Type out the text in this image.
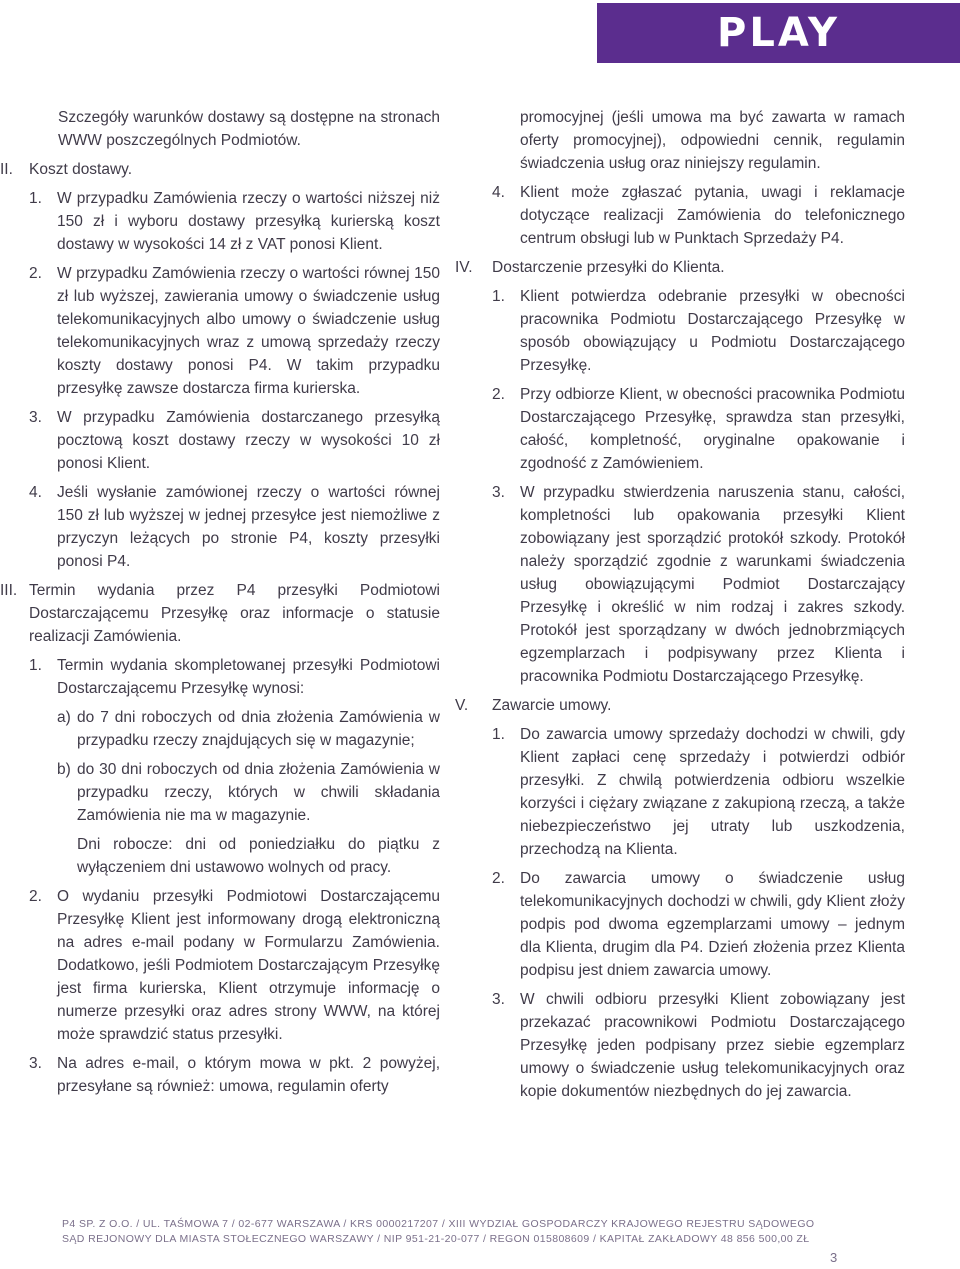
PLAY
Szczegóły warunków dostawy są dostępne na stronach WWW poszczególnych Podmiotów.
II.	Koszt dostawy.
1. W przypadku Zamówienia rzeczy o wartości niższej niż 150 zł i wyboru dostawy przesyłką kurierską koszt dostawy w wysokości 14 zł z VAT ponosi Klient.
2. W przypadku Zamówienia rzeczy o wartości równej 150 zł lub wyższej, zawierania umowy o świadczenie usług telekomunikacyjnych albo umowy o świadczenie usług telekomunikacyjnych wraz z umową sprzedaży rzeczy koszty dostawy ponosi P4. W takim przypadku przesyłkę zawsze dostarcza firma kurierska.
3. W przypadku Zamówienia dostarczanego przesyłką pocztową koszt dostawy rzeczy w wysokości 10 zł ponosi Klient.
4. Jeśli wysłanie zamówionej rzeczy o wartości równej 150 zł lub wyższej w jednej przesyłce jest niemożliwe z przyczyn leżących po stronie P4, koszty przesyłki ponosi P4.
III. Termin wydania przez P4 przesyłki Podmiotowi Dostarczającemu Przesyłkę oraz informacje o statusie realizacji Zamówienia.
1. Termin wydania skompletowanej przesyłki Podmiotowi Dostarczającemu Przesyłkę wynosi:
a) do 7 dni roboczych od dnia złożenia Zamówienia w przypadku rzeczy znajdujących się w magazynie;
b) do 30 dni roboczych od dnia złożenia Zamówienia w przypadku rzeczy, których w chwili składania Zamówienia nie ma w magazynie.
Dni robocze: dni od poniedziałku do piątku z wyłączeniem dni ustawowo wolnych od pracy.
2. O wydaniu przesyłki Podmiotowi Dostarczającemu Przesyłkę Klient jest informowany drogą elektroniczną na adres e-mail podany w Formularzu Zamówienia. Dodatkowo, jeśli Podmiotem Dostarczającym Przesyłkę jest firma kurierska, Klient otrzymuje informację o numerze przesyłki oraz adres strony WWW, na której może sprawdzić status przesyłki.
3. Na adres e-mail, o którym mowa w pkt. 2 powyżej, przesyłane są również: umowa, regulamin oferty
promocyjnej (jeśli umowa ma być zawarta w ramach oferty promocyjnej), odpowiedni cennik, regulamin świadczenia usług oraz niniejszy regulamin.
4. Klient może zgłaszać pytania, uwagi i reklamacje dotyczące realizacji Zamówienia do telefonicznego centrum obsługi lub w Punktach Sprzedaży P4.
IV.	Dostarczenie przesyłki do Klienta.
1. Klient potwierdza odebranie przesyłki w obecności pracownika Podmiotu Dostarczającego Przesyłkę w sposób obowiązujący u Podmiotu Dostarczającego Przesyłkę.
2. Przy odbiorze Klient, w obecności pracownika Podmiotu Dostarczającego Przesyłkę, sprawdza stan przesyłki, całość, kompletność, oryginalne opakowanie i zgodność z Zamówieniem.
3. W przypadku stwierdzenia naruszenia stanu, całości, kompletności lub opakowania przesyłki Klient zobowiązany jest sporządzić protokół szkody. Protokół należy sporządzić zgodnie z warunkami świadczenia usług obowiązującymi Podmiot Dostarczający Przesyłkę i określić w nim rodzaj i zakres szkody. Protokół jest sporządzany w dwóch jednobrzmiących egzemplarzach i podpisywany przez Klienta i pracownika Podmiotu Dostarczającego Przesyłkę.
V.	Zawarcie umowy.
1. Do zawarcia umowy sprzedaży dochodzi w chwili, gdy Klient zapłaci cenę sprzedaży i potwierdzi odbiór przesyłki. Z chwilą potwierdzenia odbioru wszelkie korzyści i ciężary związane z zakupioną rzeczą, a także niebezpieczeństwo jej utraty lub uszkodzenia, przechodzą na Klienta.
2. Do zawarcia umowy o świadczenie usług telekomunikacyjnych dochodzi w chwili, gdy Klient złoży podpis pod dwoma egzemplarzami umowy – jednym dla Klienta, drugim dla P4. Dzień złożenia przez Klienta podpisu jest dniem zawarcia umowy.
3. W chwili odbioru przesyłki Klient zobowiązany jest przekazać pracownikowi Podmiotu Dostarczającego Przesyłkę jeden podpisany przez siebie egzemplarz umowy o świadczenie usług telekomunikacyjnych oraz kopie dokumentów niezbędnych do jej zawarcia.
P4 SP. Z O.O. / UL. TAŚMOWA 7 / 02-677 WARSZAWA / KRS 0000217207 / XIII WYDZIAŁ GOSPODARCZY KRAJOWEGO REJESTRU SĄDOWEGO
SĄD REJONOWY DLA MIASTA STOŁECZNEGO WARSZAWY / NIP 951-21-20-077 / REGON 015808609 / KAPITAŁ ZAKŁADOWY 48 856 500,00 ZŁ
3
